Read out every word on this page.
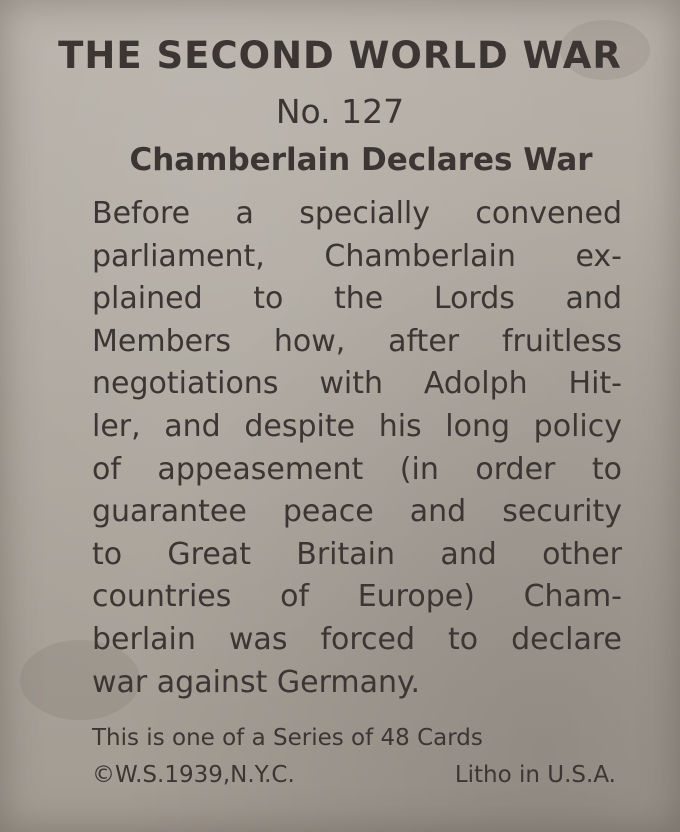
THE SECOND WORLD WAR
No. 127
Chamberlain Declares War
Before a specially convened
parliament, Chamberlain ex-
plained to the Lords and
Members how, after fruitless
negotiations with Adolph Hit-
ler, and despite his long policy
of appeasement (in order to
guarantee peace and security
to Great Britain and other
countries of Europe) Cham-
berlain was forced to declare
war against Germany.
This is one of a Series of 48 Cards
©W.S.1939,N.Y.C.	Litho in U.S.A.
